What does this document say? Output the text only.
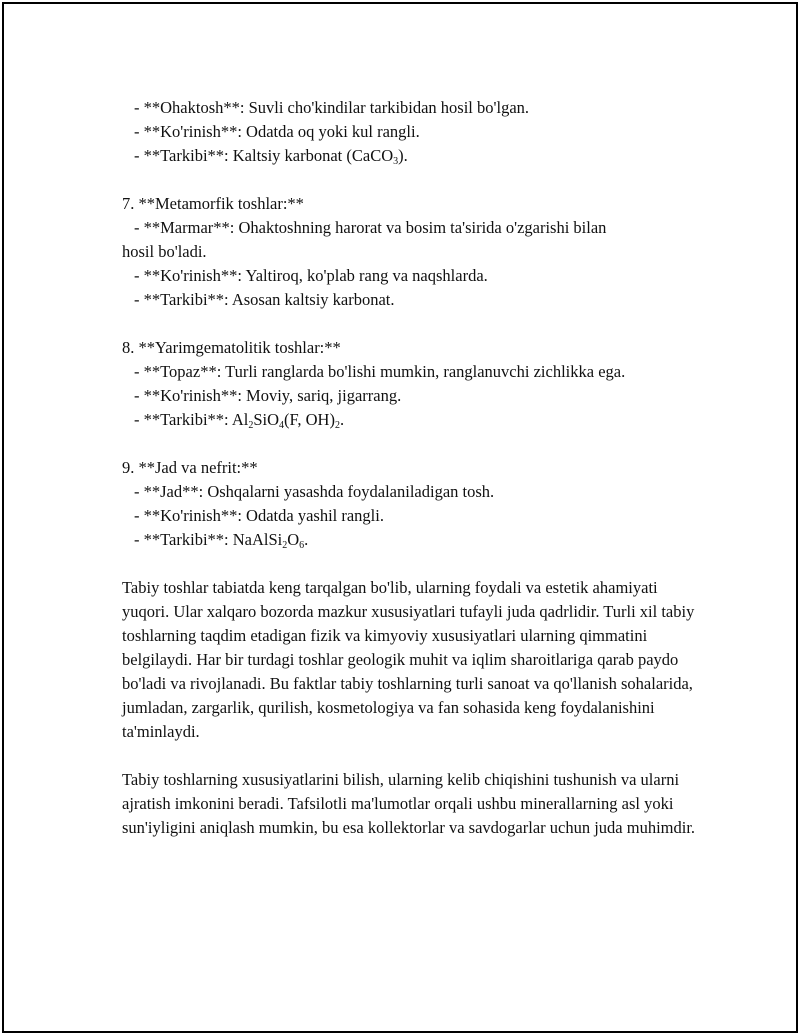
- **Ohaktosh**: Suvli cho'kindilar tarkibidan hosil bo'lgan.
- **Ko'rinish**: Odatda oq yoki kul rangli.
- **Tarkibi**: Kaltsiy karbonat (CaCO$_3$).
7. **Metamorfik toshlar:**
- **Marmar**: Ohaktoshning harorat va bosim ta'sirida o'zgarishi bilan
hosil bo'ladi.
- **Ko'rinish**: Yaltiroq, ko'plab rang va naqshlarda.
- **Tarkibi**: Asosan kaltsiy karbonat.
8. **Yarimgematolitik toshlar:**
- **Topaz**: Turli ranglarda bo'lishi mumkin, ranglanuvchi zichlikka ega.
- **Ko'rinish**: Moviy, sariq, jigarrang.
- **Tarkibi**: $Al_2SiO_4(F$, $OH)_2$.
9. **Jad va nefrit:**
- **Jad**: Oshqalarni yasashda foydalaniladigan tosh.
- **Ko'rinish**: Odatda yashil rangli.
- **Tarkibi**: $NaAlSi_2O_6$.

Tabiy toshlar tabiatda keng tarqalgan bo'lib, ularning foydali va estetik ahamiyati yuqori. Ular xalqaro bozorda mazkur xususiyatlari tufayli juda qadrlidir. Turli xil tabiy toshlarning taqdim etadigan fizik va kimyoviy xususiyatlari ularning qimmatini belgilaydi. Har bir turdagi toshlar geologik muhit va iqlim sharoitlariga qarab paydo bo'ladi va rivojlanadi. Bu faktlar tabiy toshlarning turli sanoat va qo'llanish sohalarida, jumladan, zargarlik, qurilish, kosmetologiya va fan sohasida keng foydalanishini ta'minlaydi.

Tabiy toshlarning xususiyatlarini bilish, ularning kelib chiqishini tushunish va ularni ajratish imkonini beradi. Tafsilotli ma'lumotlar orqali ushbu minerallarning asl yoki sun'iyligini aniqlash mumkin, bu esa kollektorlar va savdogarlar uchun juda muhimdir.
